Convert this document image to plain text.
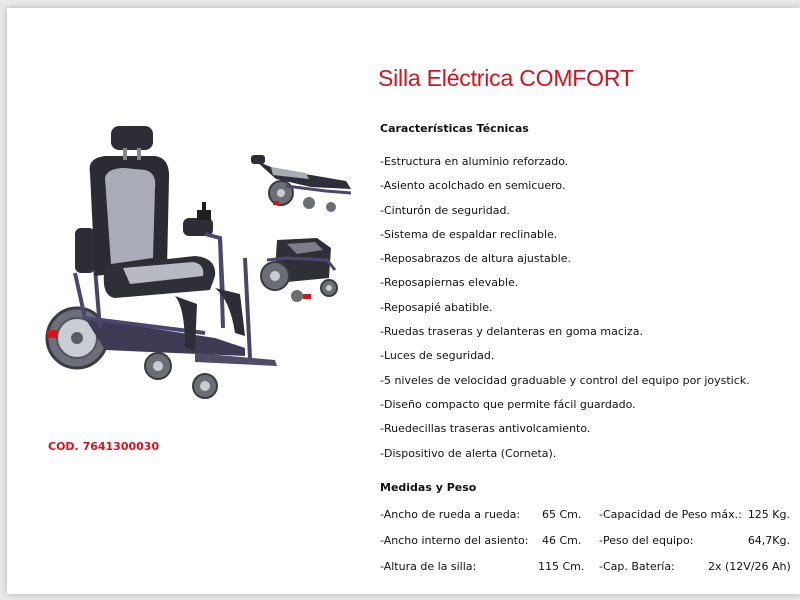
Silla Eléctrica COMFORT
Características Técnicas
-Estructura en aluminio reforzado.
-Asiento acolchado en semicuero.
-Cinturón de seguridad.
-Sistema de espaldar reclinable.
-Reposabrazos de altura ajustable.
-Reposapiernas elevable.
-Reposapié abatible.
-Ruedas traseras y delanteras en goma maciza.
-Luces de seguridad.
-5 niveles de velocidad graduable y control del equipo por joystick.
-Diseño compacto que permite fácil guardado.
-Ruedecillas traseras antivolcamiento.
-Dispositivo de alerta (Corneta).
COD. 7641300030
Medidas y Peso
-Ancho de rueda a rueda: 65 Cm. -Capacidad de Peso máx.: 125 Kg.
-Ancho interno del asiento: 46 Cm. -Peso del equipo:	64,7Kg.
-Altura de la silla:	115 Cm. -Cap. Batería:	2x (12V/26 Ah)
